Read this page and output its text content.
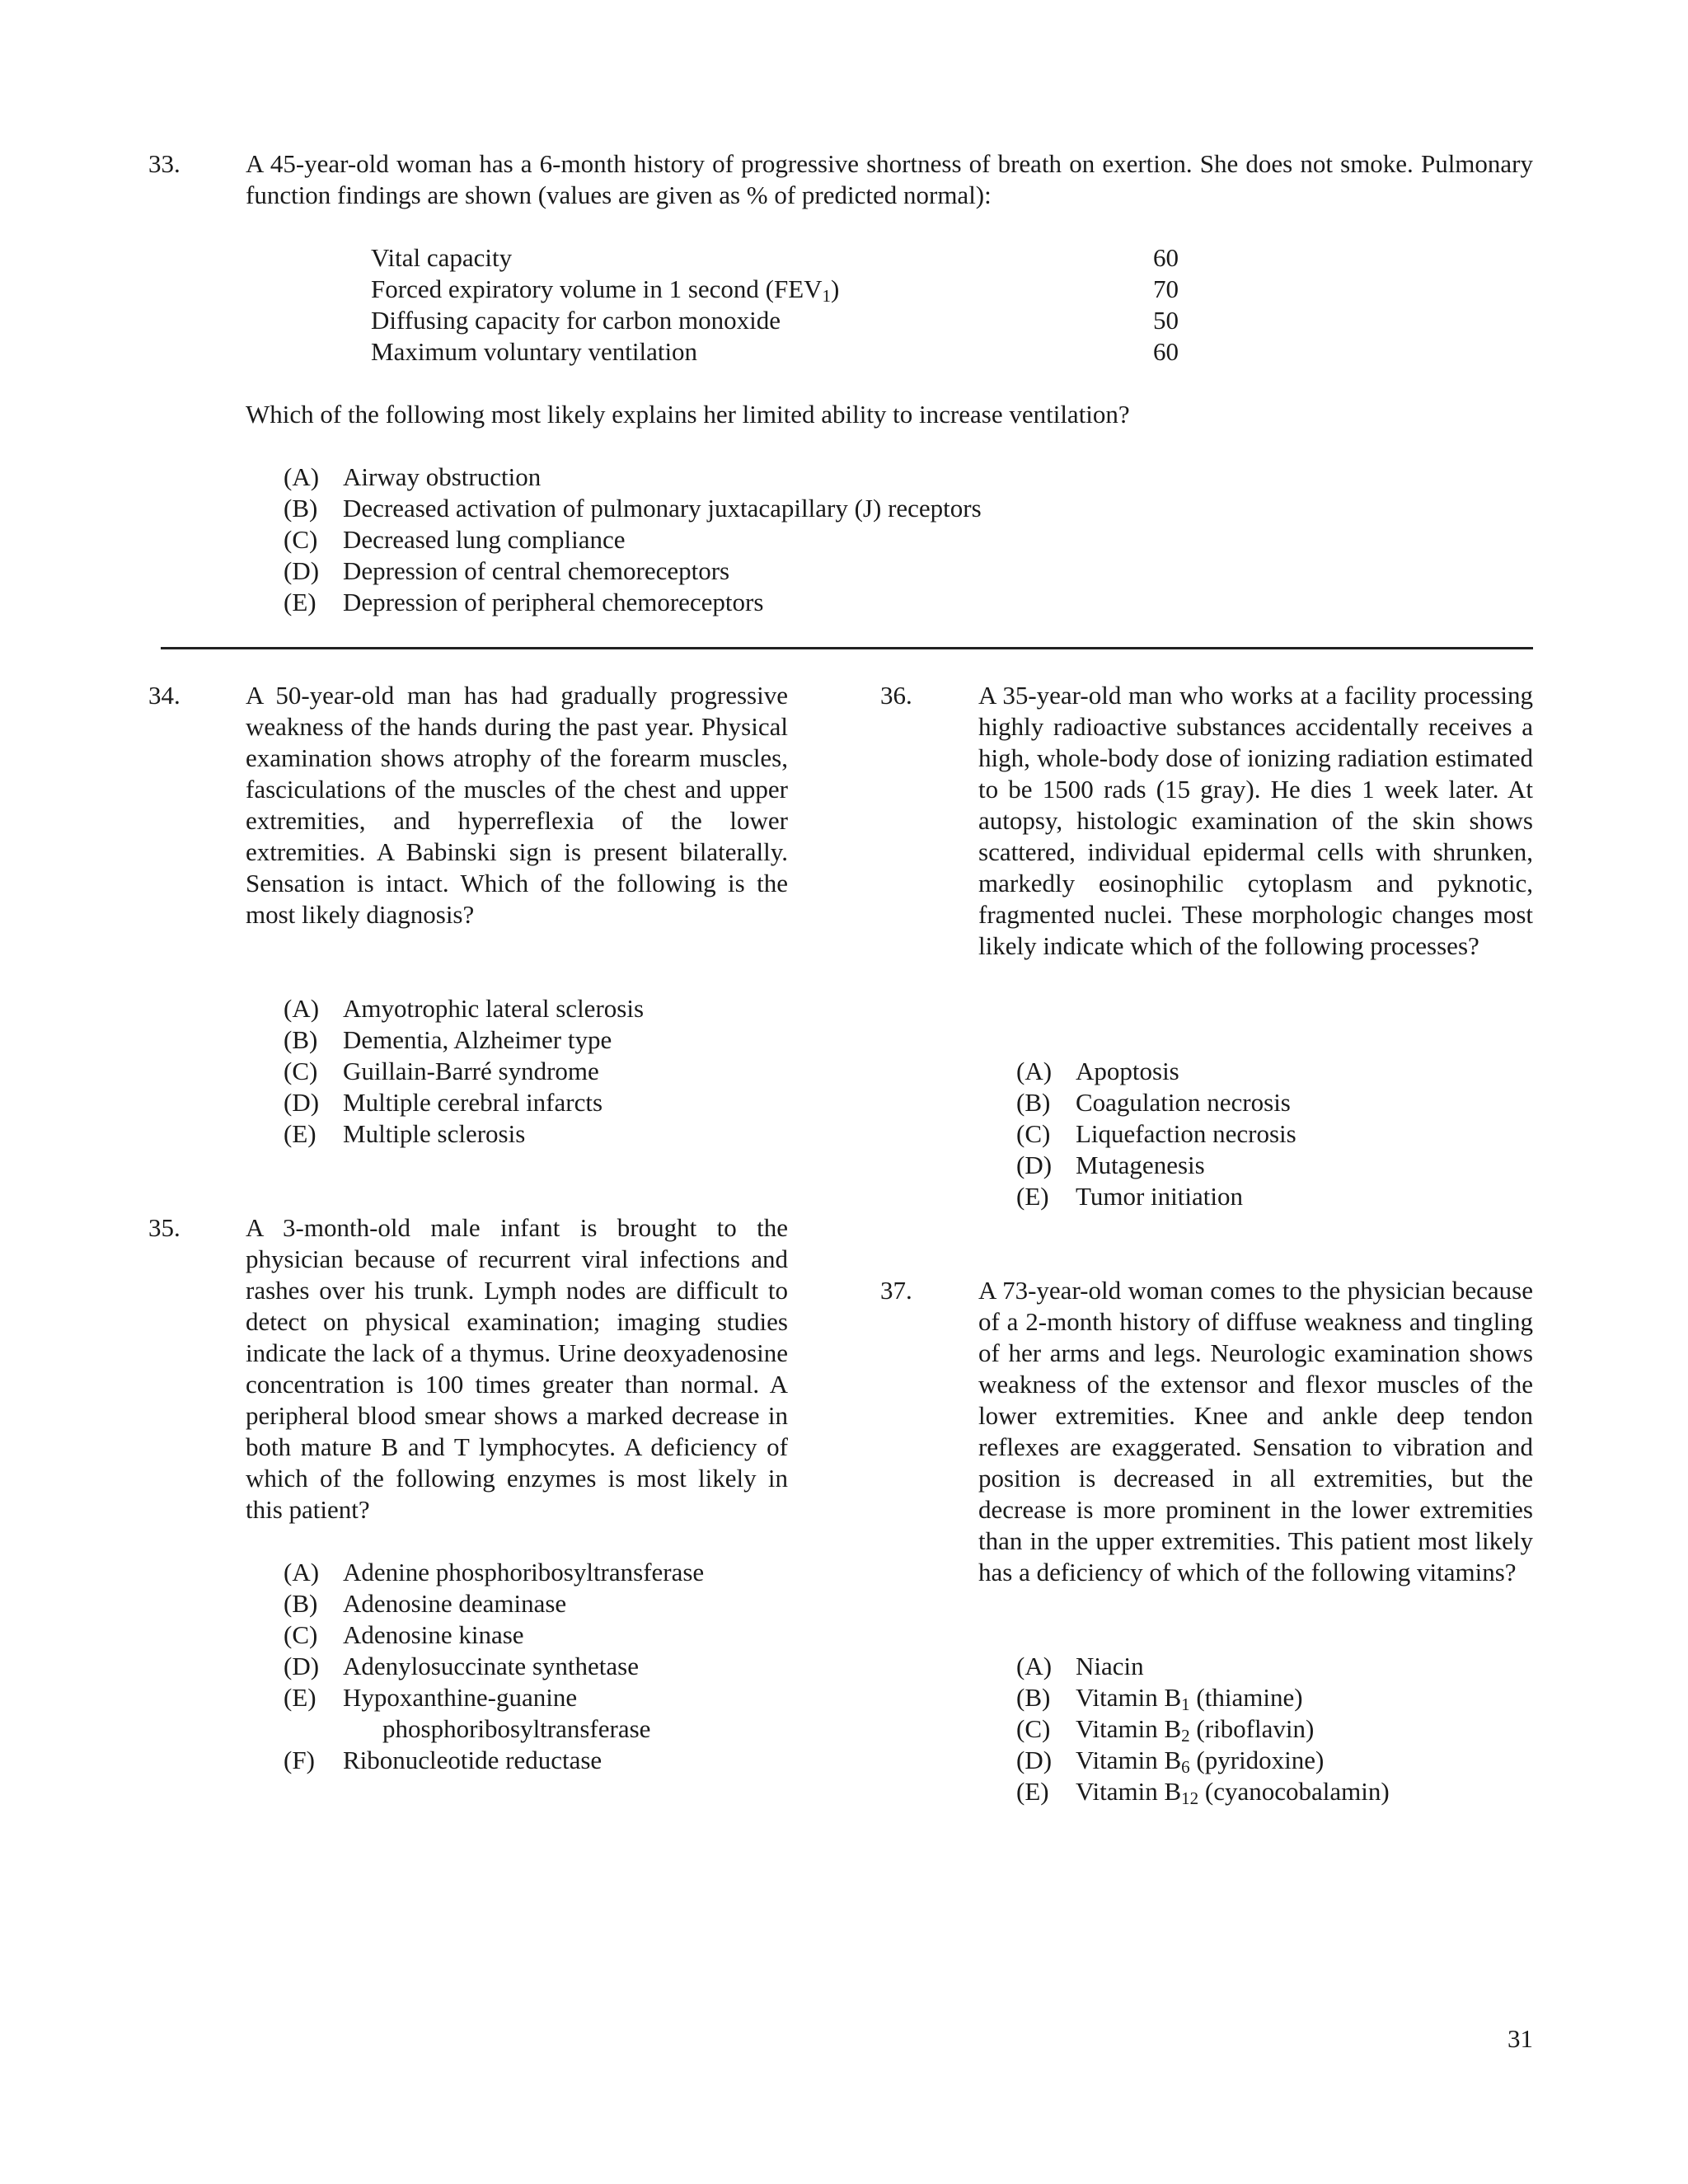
33.	A 45-year-old woman has a 6-month history of progressive shortness of breath on exertion. She does not smoke. Pulmonary function findings are shown (values are given as % of predicted normal):
Vital capacity	60
Forced expiratory volume in 1 second $(FEV_1)$	70
Diffusing capacity for carbon monoxide	50
Maximum voluntary ventilation	60
Which of the following most likely explains her limited ability to increase ventilation?
(A) Airway obstruction
(B) Decreased activation of pulmonary juxtacapillary (J) receptors
(C) Decreased lung compliance
(D) Depression of central chemoreceptors
(E) Depression of peripheral chemoreceptors
34.	A 50-year-old man has had gradually progressive weakness of the hands during the past year. Physical examination shows atrophy of the forearm muscles, fasciculations of the muscles of the chest and upper extremities, and hyperreflexia of the lower extremities. A Babinski sign is present bilaterally. Sensation is intact. Which of the following is the most likely diagnosis?
(A) Amyotrophic lateral sclerosis
(B) Dementia, Alzheimer type
(C) Guillain-Barré syndrome
(D) Multiple cerebral infarcts
(E) Multiple sclerosis
35.	A 3-month-old male infant is brought to the physician because of recurrent viral infections and rashes over his trunk. Lymph nodes are difficult to detect on physical examination; imaging studies indicate the lack of a thymus. Urine deoxyadenosine concentration is 100 times greater than normal. A peripheral blood smear shows a marked decrease in both mature B and T lymphocytes. A deficiency of which of the following enzymes is most likely in this patient?
(A) Adenine phosphoribosyltransferase
(B) Adenosine deaminase
(C) Adenosine kinase
(D) Adenylosuccinate synthetase
(E) Hypoxanthine-guanine
phosphoribosyltransferase
(F) Ribonucleotide reductase
36.	A 35-year-old man who works at a facility processing highly radioactive substances accidentally receives a high, whole-body dose of ionizing radiation estimated to be 1500 rads (15 gray). He dies 1 week later. At autopsy, histologic examination of the skin shows scattered, individual epidermal cells with shrunken, markedly eosinophilic cytoplasm and pyknotic, fragmented nuclei. These morphologic changes most likely indicate which of the following processes?
(A) Apoptosis
(B) Coagulation necrosis
(C) Liquefaction necrosis
(D) Mutagenesis
(E) Tumor initiation
37.	A 73-year-old woman comes to the physician because of a 2-month history of diffuse weakness and tingling of her arms and legs. Neurologic examination shows weakness of the extensor and flexor muscles of the lower extremities. Knee and ankle deep tendon reflexes are exaggerated. Sensation to vibration and position is decreased in all extremities, but the decrease is more prominent in the lower extremities than in the upper extremities. This patient most likely has a deficiency of which of the following vitamins?
(A) Niacin
(B) Vitamin $B_1$ (thiamine)
(C) Vitamin $B_2$ (riboflavin)
(D) Vitamin $B_6$ (pyridoxine)
(E) Vitamin $B_{12}$ (cyanocobalamin)
31
